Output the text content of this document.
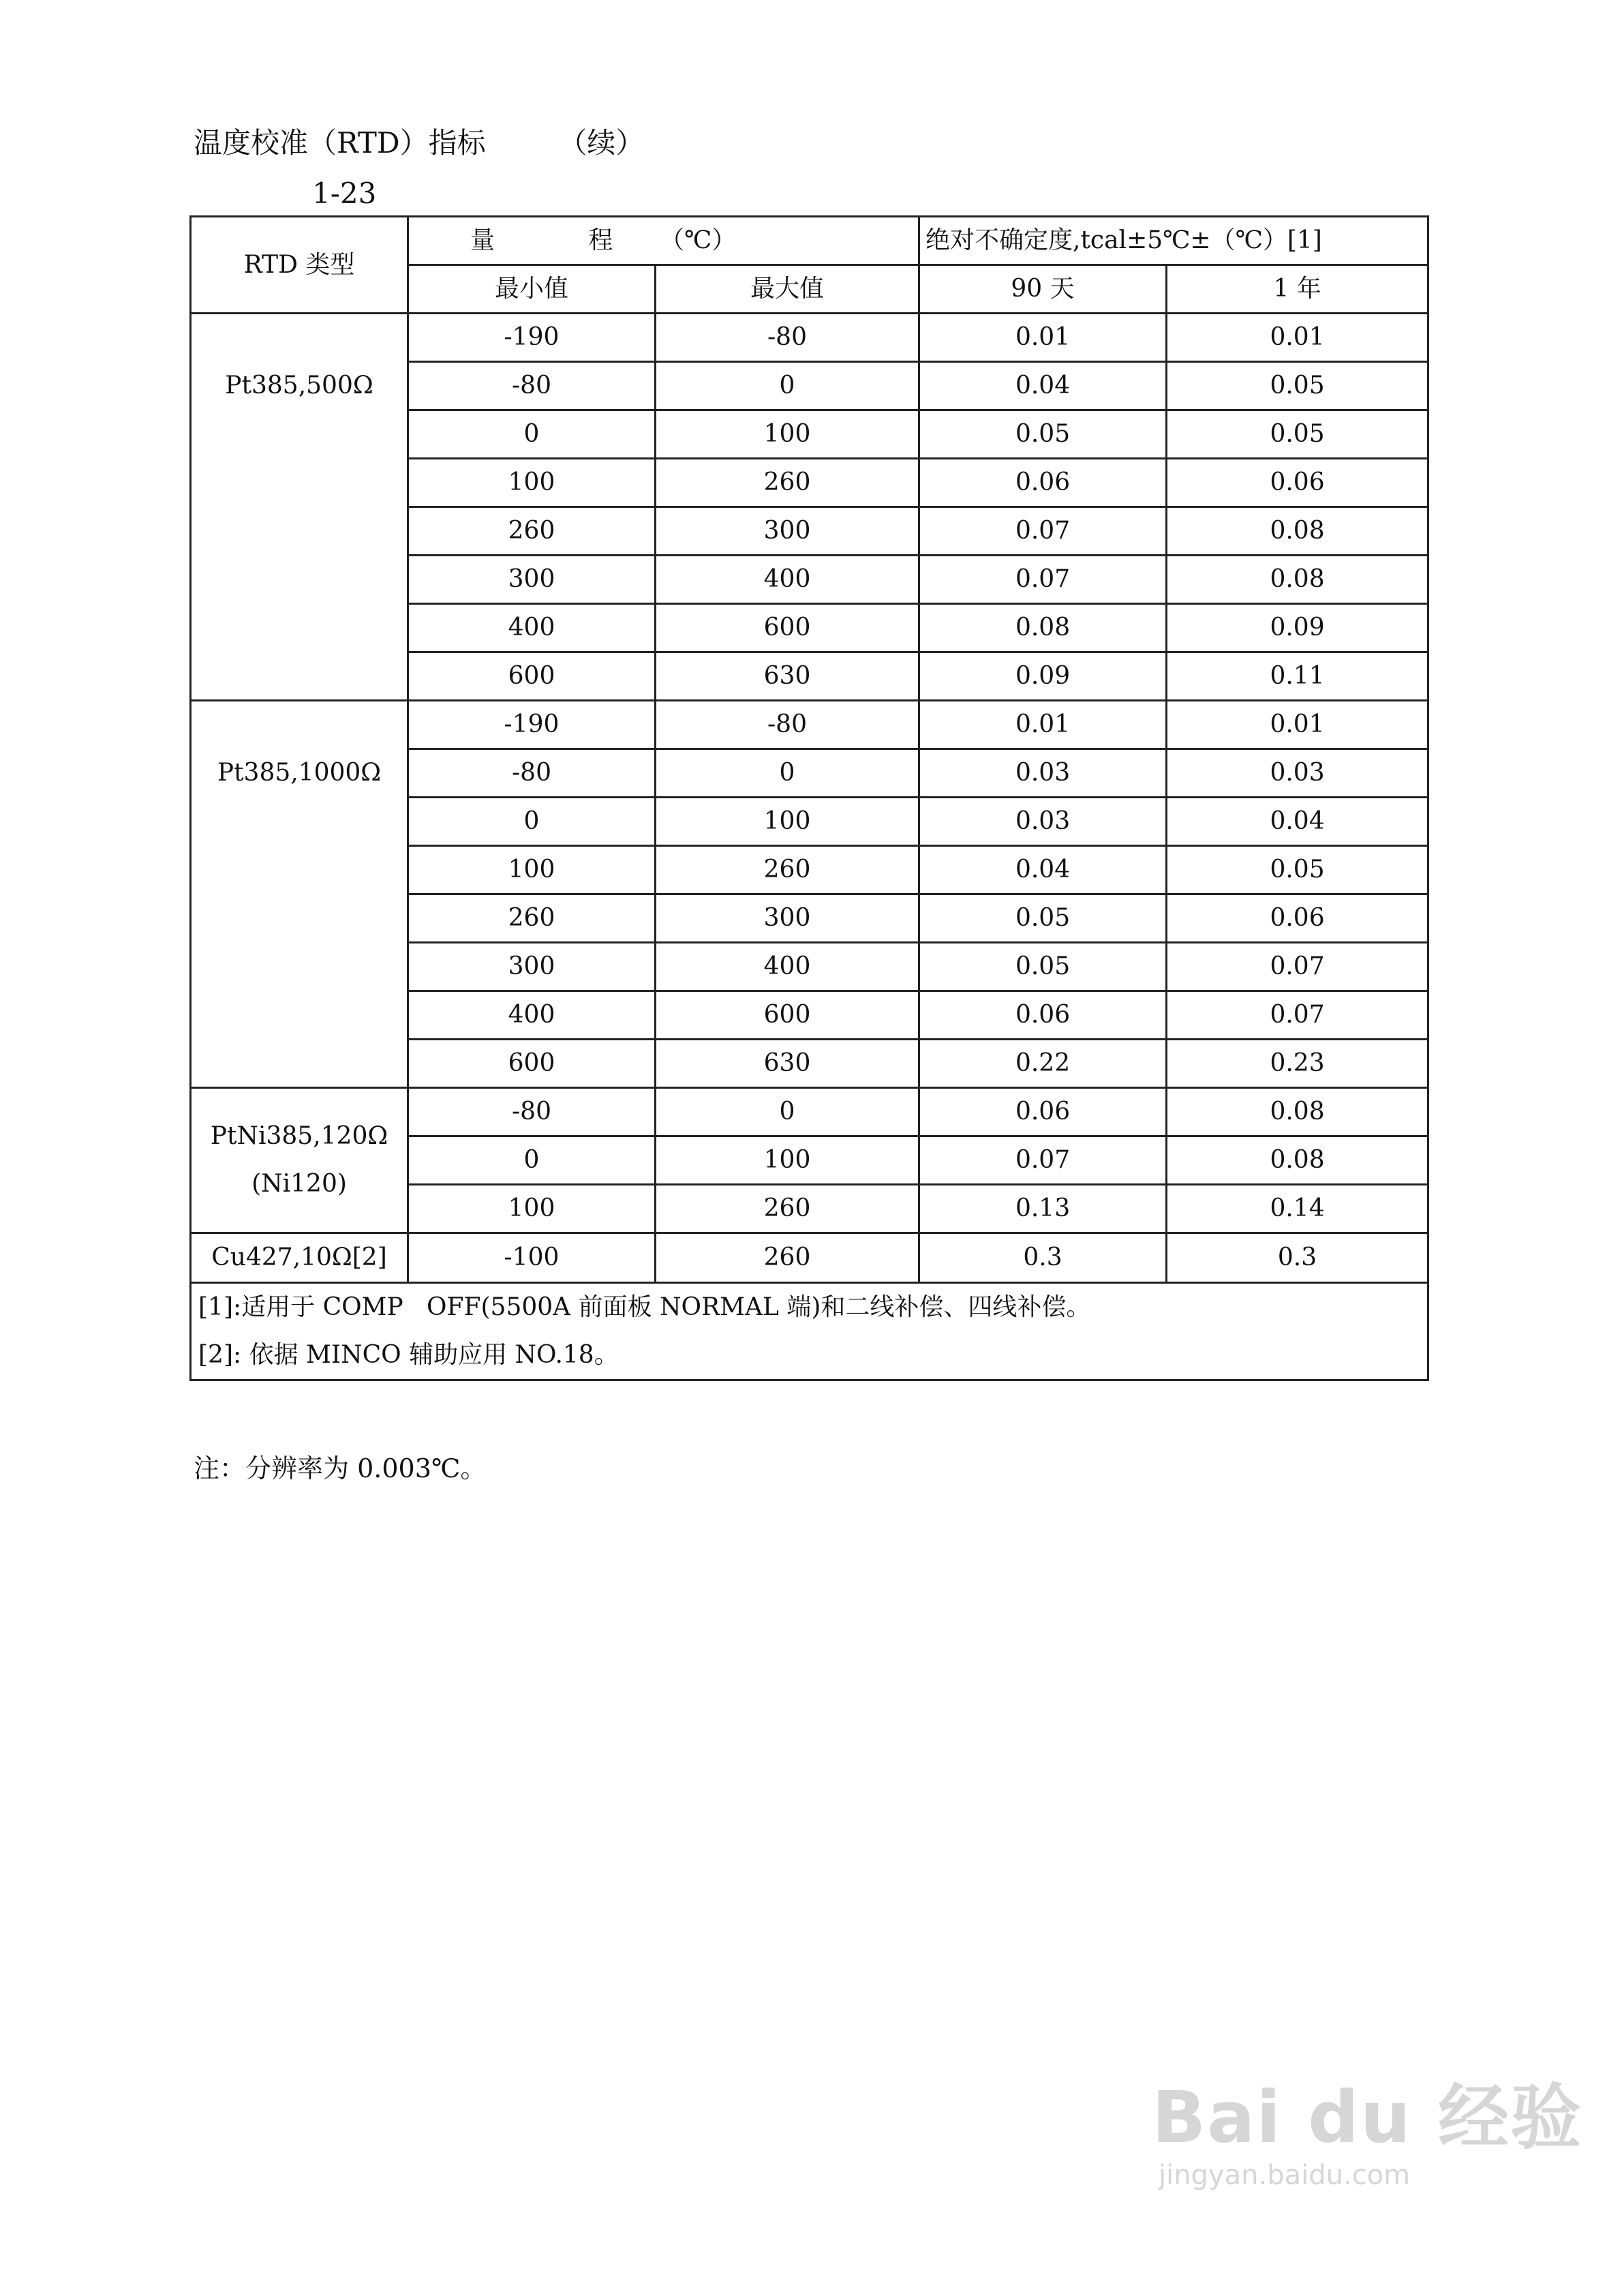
温度校准（RTD）指标        （续）
1-23
RTD 类型	量            程      （℃）		绝对不确定度,tcal±5℃±（℃）[1]	
	最小值	最大值	90 天	1 年

Pt385,500Ω	-190	-80	0.01	0.01
	-80	0	0.04	0.05
	0	100	0.05	0.05
	100	260	0.06	0.06
	260	300	0.07	0.08
	300	400	0.07	0.08
	400	600	0.08	0.09
	600	630	0.09	0.11

Pt385,1000Ω	-190	-80	0.01	0.01
	-80	0	0.03	0.03
	0	100	0.03	0.04
	100	260	0.04	0.05
	260	300	0.05	0.06
	300	400	0.05	0.07
	400	600	0.06	0.07
	600	630	0.22	0.23

PtNi385,120Ω
(Ni120)	-80	0	0.06	0.08
	0	100	0.07	0.08
	100	260	0.13	0.14

Cu427,10Ω[2]	-100	260	0.3	0.3

[1]:适用于 COMP   OFF(5500A 前面板 NORMAL 端)和二线补偿、四线补偿。
[2]: 依据 MINCO 辅助应用 NO.18。				
注：分辨率为 0.003℃。
Bai du 经验
jingyan.baidu.com
